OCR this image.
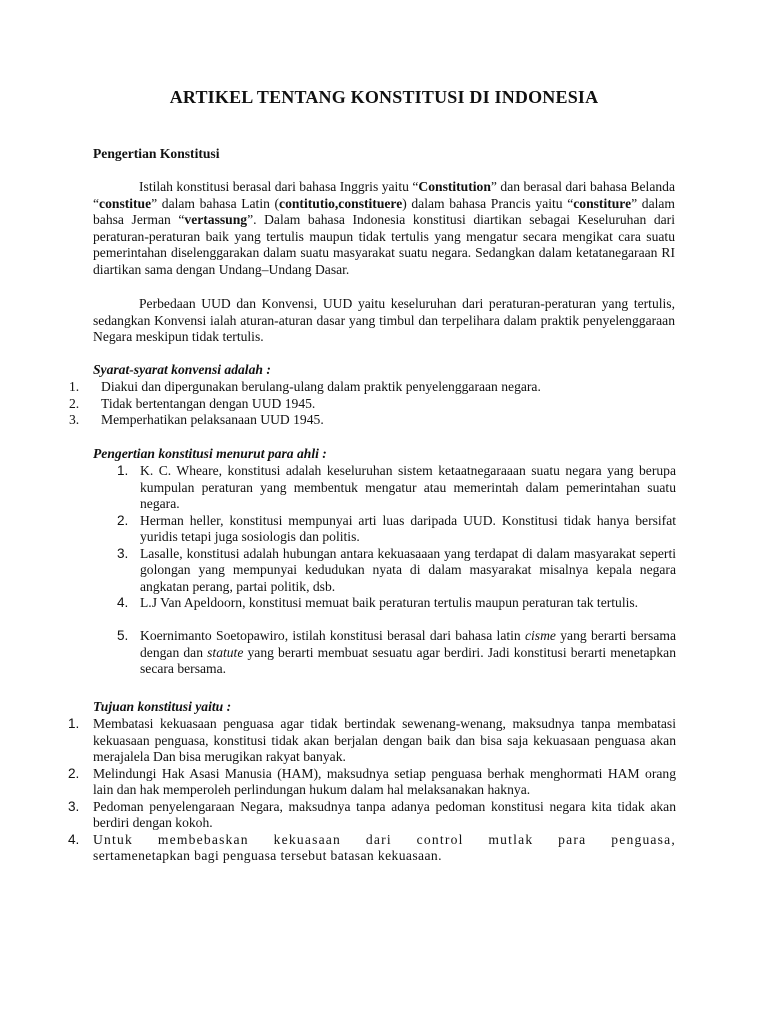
ARTIKEL TENTANG KONSTITUSI DI INDONESIA
Pengertian Konstitusi

Istilah konstitusi berasal dari bahasa Inggris yaitu “Constitution” dan berasal dari bahasa Belanda “constitue” dalam bahasa Latin (contitutio,constituere) dalam bahasa Prancis yaitu “constiture” dalam bahsa Jerman “vertassung”. Dalam bahasa Indonesia konstitusi diartikan sebagai Keseluruhan dari peraturan-peraturan baik yang tertulis maupun tidak tertulis yang mengatur secara mengikat cara suatu pemerintahan diselenggarakan dalam suatu masyarakat suatu negara. Sedangkan dalam ketatanegaraan RI diartikan sama dengan Undang–Undang Dasar.

Perbedaan UUD dan Konvensi, UUD yaitu keseluruhan dari peraturan-peraturan yang tertulis, sedangkan Konvensi ialah aturan-aturan dasar yang timbul dan terpelihara dalam praktik penyelenggaraan Negara meskipun tidak tertulis.

Syarat-syarat konvensi adalah :
1. Diakui dan dipergunakan berulang-ulang dalam praktik penyelenggaraan negara.
2. Tidak bertentangan dengan UUD 1945.
3. Memperhatikan pelaksanaan UUD 1945.
Pengertian konstitusi menurut para ahli :
1. K. C. Wheare, konstitusi adalah keseluruhan sistem ketaatnegaraaan suatu negara yang berupa kumpulan peraturan yang membentuk mengatur atau memerintah dalam pemerintahan suatu negara.
2. Herman heller, konstitusi mempunyai arti luas daripada UUD. Konstitusi tidak hanya bersifat yuridis tetapi juga sosiologis dan politis.
3. Lasalle, konstitusi adalah hubungan antara kekuasaaan yang terdapat di dalam masyarakat seperti golongan yang mempunyai kedudukan nyata di dalam masyarakat misalnya kepala negara angkatan perang, partai politik, dsb.
4. L.J Van Apeldoorn, konstitusi memuat baik peraturan tertulis maupun peraturan tak tertulis.
5. Koernimanto Soetopawiro, istilah konstitusi berasal dari bahasa latin cisme yang berarti bersama dengan dan statute yang berarti membuat sesuatu agar berdiri. Jadi konstitusi berarti menetapkan secara bersama.
Tujuan konstitusi yaitu :
1. Membatasi kekuasaan penguasa agar tidak bertindak sewenang-wenang, maksudnya tanpa membatasi kekuasaan penguasa, konstitusi tidak akan berjalan dengan baik dan bisa saja kekuasaan penguasa akan merajalela Dan bisa merugikan rakyat banyak.
2. Melindungi Hak Asasi Manusia (HAM), maksudnya setiap penguasa berhak menghormati HAM orang lain dan hak memperoleh perlindungan hukum dalam hal melaksanakan haknya.
3. Pedoman penyelengaraan Negara, maksudnya tanpa adanya pedoman konstitusi negara kita tidak akan berdiri dengan kokoh.
4. Untuk membebaskan kekuasaan dari control mutlak para penguasa,
sertamenetapkan bagi penguasa tersebut batasan kekuasaan.
